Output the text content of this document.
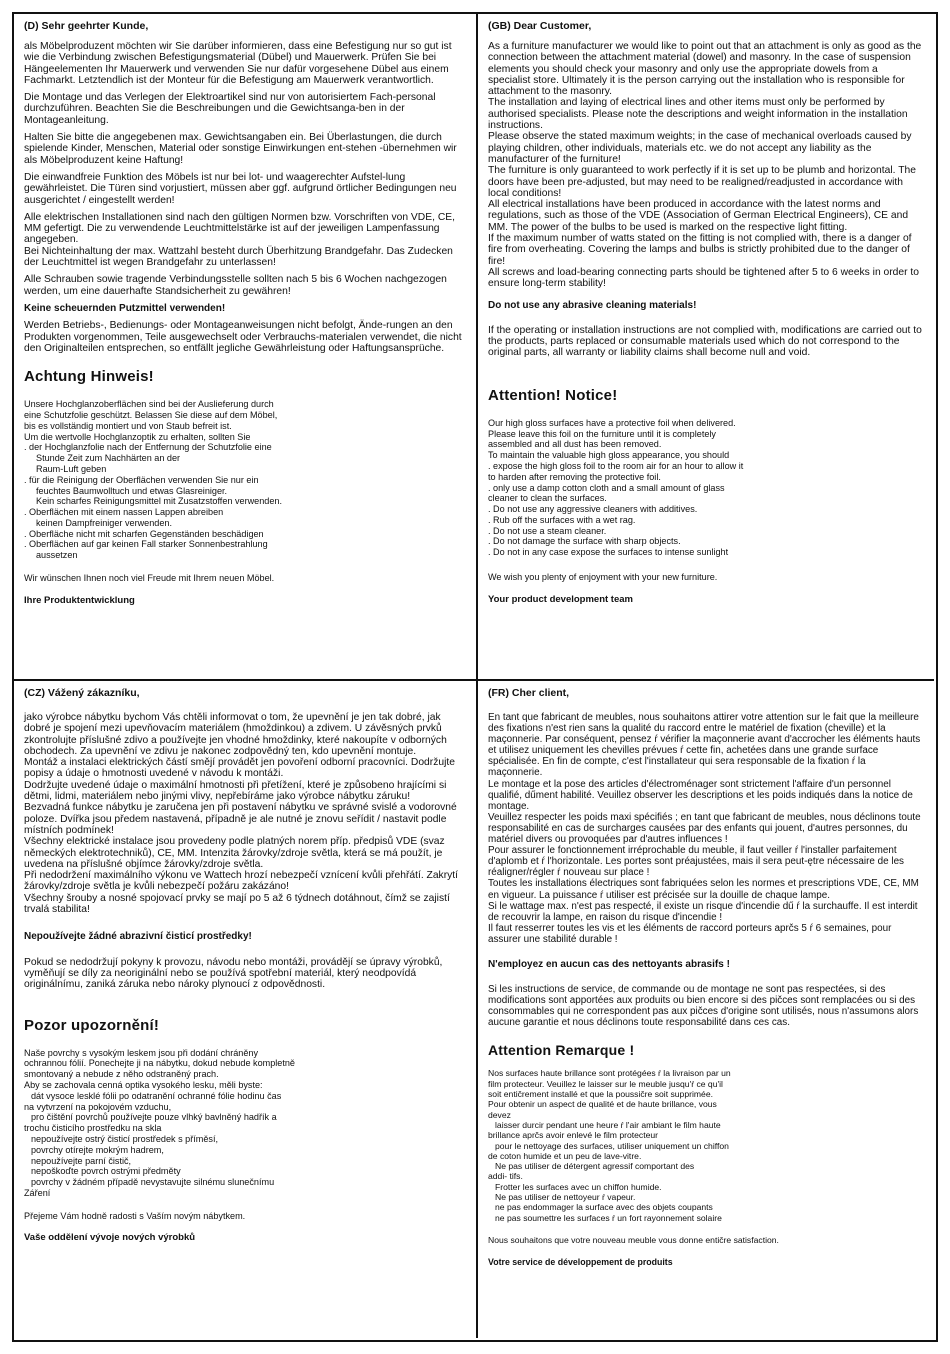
(D) Sehr geehrter Kunde,

als Möbelproduzent möchten wir Sie darüber informieren, dass eine Befestigung nur so gut ist wie die Verbindung zwischen Befestigungsmaterial (Dübel) und Mauerwerk. Prüfen Sie bei Hängeelementen Ihr Mauerwerk und verwenden Sie nur dafür vorgesehene Dübel aus einem Fachmarkt. Letztendlich ist der Monteur für die Befestigung am Mauerwerk verantwortlich.

Die Montage und das Verlegen der Elektroartikel sind nur von autorisiertem Fach-personal durchzuführen. Beachten Sie die Beschreibungen und die Gewichtsanga-ben in der Montageanleitung.

Halten Sie bitte die angegebenen max. Gewichtsangaben ein. Bei Überlastungen, die durch spielende Kinder, Menschen, Material oder sonstige Einwirkungen ent-stehen -übernehmen wir als Möbelproduzent keine Haftung!

Die einwandfreie Funktion des Möbels ist nur bei lot- und waagerechter Aufstel-lung gewährleistet. Die Türen sind vorjustiert, müssen aber ggf. aufgrund örtlicher Bedingungen neu ausgerichtet / eingestellt werden!

Alle elektrischen Installationen sind nach den gültigen Normen bzw. Vorschriften von VDE, CE, MM gefertigt. Die zu verwendende Leuchtmittelstärke ist auf der jeweiligen Lampenfassung angegeben.

Bei Nichteinhaltung der max. Wattzahl besteht durch Überhitzung Brandgefahr. Das Zudecken der Leuchtmittel ist wegen Brandgefahr zu unterlassen!

Alle Schrauben sowie tragende Verbindungsstelle sollten nach 5 bis 6 Wochen nachgezogen werden, um eine dauerhafte Standsicherheit zu gewähren!

Keine scheuernden Putzmittel verwenden!

Werden Betriebs-, Bedienungs- oder Montageanweisungen nicht befolgt, Ände-rungen an den Produkten vorgenommen, Teile ausgewechselt oder Verbrauchs-materialen verwendet, die nicht den Originalteilen entsprechen, so entfällt jegliche Gewährleistung oder Haftungsansprüche.

Achtung Hinweis!
Unsere Hochglanzoberflächen sind bei der Auslieferung durch
eine Schutzfolie geschützt. Belassen Sie diese auf dem Möbel,
bis es vollständig montiert und von Staub befreit ist.
Um die wertvolle Hochglanzoptik zu erhalten, sollten Sie
. der Hochglanzfolie nach der Entfernung der Schutzfolie eine
Stunde Zeit zum Nachhärten an der
Raum-Luft geben
. für die Reinigung der Oberflächen verwenden Sie nur ein
feuchtes Baumwolltuch und etwas Glasreiniger.
Kein scharfes Reinigungsmittel mit Zusatzstoffen verwenden.
. Oberflächen mit einem nassen Lappen abreiben
keinen Dampfreiniger verwenden.
. Oberfläche nicht mit scharfen Gegenständen beschädigen
. Oberflächen auf gar keinen Fall starker Sonnenbestrahlung
aussetzen
Wir wünschen Ihnen noch viel Freude mit Ihrem neuen Möbel.
Ihre Produktentwicklung
(GB) Dear Customer,

As a furniture manufacturer we would like to point out that an attachment is only as good as the connection between the attachment material (dowel) and masonry. In the case of suspension elements you should check your masonry and only use the appropriate dowels from a specialist store. Ultimately it is the person carrying out the installation who is responsible for attachment to the masonry.

The installation and laying of electrical lines and other items must only be performed by authorised specialists. Please note the descriptions and weight information in the installation instructions.

Please observe the stated maximum weights; in the case of mechanical overloads caused by playing children, other individuals, materials etc. we do not accept any liability as the manufacturer of the furniture!

The furniture is only guaranteed to work perfectly if it is set up to be plumb and horizontal. The doors have been pre-adjusted, but may need to be realigned/readjusted in accordance with local conditions!

All electrical installations have been produced in accordance with the latest norms and regulations, such as those of the VDE (Association of German Electrical Engineers), CE and MM. The power of the bulbs to be used is marked on the respective light fitting.

If the maximum number of watts stated on the fitting is not complied with, there is a danger of fire from overheating. Covering the lamps and bulbs is strictly prohibited due to the danger of fire!

All screws and load-bearing connecting parts should be tightened after 5 to 6 weeks in order to ensure long-term stability!

Do not use any abrasive cleaning materials!

If the operating or installation instructions are not complied with, modifications are carried out to the products, parts replaced or consumable materials used which do not correspond to the original parts, all warranty or liability claims shall become null and void.

Attention! Notice!
Our high gloss surfaces have a protective foil when delivered.
Please leave this foil on the furniture until it is completely
assembled and all dust has been removed.
To maintain the valuable high gloss appearance, you should
. expose the high gloss foil to the room air for an hour to allow it
to harden after removing the protective foil.
. only use a damp cotton cloth and a small amount of glass
cleaner to clean the surfaces.
. Do not use any aggressive cleaners with additives.
. Rub off the surfaces with a wet rag.
. Do not use a steam cleaner.
. Do not damage the surface with sharp objects.
. Do not in any case expose the surfaces to intense sunlight
We wish you plenty of enjoyment with your new furniture.
Your product development team
(CZ) Vážený zákazníku,

jako výrobce nábytku bychom Vás chtěli informovat o tom, že upevnění je jen tak dobré, jak dobré je spojení mezi upevňovacím materiálem (hmoždinkou) a zdivem. U závěsných prvků zkontrolujte příslušné zdivo a používejte jen vhodné hmoždinky, které nakoupíte v odborných obchodech. Za upevnění ve zdivu je nakonec zodpovědný ten, kdo upevnění montuje.

Montáž a instalaci elektrických částí smějí provádět jen povoření odborní pracovníci. Dodržujte popisy a údaje o hmotnosti uvedené v návodu k montáži.

Dodržujte uvedené údaje o maximální hmotnosti při přetížení, které je způsobeno hrajícími si dětmi, lidmi, materiálem nebo jinými vlivy, nepřebíráme jako výrobce nábytku záruku!

Bezvadná funkce nábytku je zaručena jen při postavení nábytku ve správné svislé a vodorovné poloze. Dvířka jsou předem nastavená, případně je ale nutné je znovu seřídit / nastavit podle místních podmínek!

Všechny elektrické instalace jsou provedeny podle platných norem příp. předpisů VDE (svaz německých elektrotechniků), CE, MM. Intenzita žárovky/zdroje světla, která se má použít, je uvedena na příslušné objímce žárovky/zdroje světla.

Při nedodržení maximálního výkonu ve Wattech hrozí nebezpečí vznícení kvůli přehřátí. Zakrytí žárovky/zdroje světla je kvůli nebezpečí požáru zakázáno!

Všechny šrouby a nosné spojovací prvky se mají po 5 až 6 týdnech dotáhnout, čímž se zajistí trvalá stabilita!

Nepoužívejte žádné abrazivní čisticí prostředky!

Pokud se nedodržují pokyny k provozu, návodu nebo montáži, provádějí se úpravy výrobků, vyměňují se díly za neoriginální nebo se používá spotřební materiál, který neodpovídá originálnímu, zaniká záruka nebo nároky plynoucí z odpovědnosti.

Pozor upozornění!
Naše povrchy s vysokým leskem jsou při dodání chráněny
ochrannou fólií. Ponechejte ji na nábytku, dokud nebude kompletně
smontovaný a nebude z něho odstraněný prach.
Aby se zachovala cenná optika vysokého lesku, měli byste:
dát vysoce lesklé fólii po odatranění ochranné fólie hodinu čas
na vytvrzení na pokojovém vzduchu,
pro čištění povrchů používejte pouze vlhký bavlněný hadřík a
trochu čisticího prostředku na skla
nepoužívejte ostrý čisticí prostředek s příměsí,
povrchy otírejte mokrým hadrem,
nepoužívejte parní čistič,
nepoškoďte povrch ostrými předměty
povrchy v žádném případě nevystavujte silnému slunečnímu
Záření
Přejeme Vám hodně radosti s Vaším novým nábytkem.
Vaše oddělení vývoje nových výrobků
(FR) Cher client,

En tant que fabricant de meubles, nous souhaitons attirer votre attention sur le fait que la meilleure des fixations n'est rien sans la qualité du raccord entre le matériel de fixation (cheville) et la maçonnerie. Par conséquent, pensez ŕ vérifier la maçonnerie avant d'accrocher les éléments hauts et utilisez uniquement les chevilles prévues ŕ cette fin, achetées dans une grande surface spécialisée. En fin de compte, c'est l'installateur qui sera responsable de la fixation ŕ la maçonnerie.

Le montage et la pose des articles d'électroménager sont strictement l'affaire d'un personnel qualifié, dűment habilité. Veuillez observer les descriptions et les poids indiqués dans la notice de montage.

Veuillez respecter les poids maxi spécifiés ; en tant que fabricant de meubles, nous déclinons toute responsabilité en cas de surcharges causées par des enfants qui jouent, d'autres personnes, du matériel divers ou provoquées par d'autres influences !

Pour assurer le fonctionnement irréprochable du meuble, il faut veiller ŕ l'installer parfaitement d'aplomb et ŕ l'horizontale. Les portes sont préajustées, mais il sera peut-ętre nécessaire de les réaligner/régler ŕ nouveau sur place !

Toutes les installations électriques sont fabriquées selon les normes et prescriptions VDE, CE, MM en vigueur. La puissance ŕ utiliser est précisée sur la douille de chaque lampe.

Si le wattage max. n'est pas respecté, il existe un risque d'incendie dű ŕ la surchauffe. Il est interdit de recouvrir la lampe, en raison du risque d'incendie !

Il faut resserrer toutes les vis et les éléments de raccord porteurs aprčs 5 ŕ 6 semaines, pour assurer une stabilité durable !

N'employez en aucun cas des nettoyants abrasifs !

Si les instructions de service, de commande ou de montage ne sont pas respectées, si des modifications sont apportées aux produits ou bien encore si des pičces sont remplacées ou si des consommables qui ne correspondent pas aux pičces d'origine sont utilisés, nous n'assumons alors aucune garantie et nous déclinons toute responsabilité dans ces cas.

Attention Remarque !
Nos surfaces haute brillance sont protégées ŕ la livraison par un
film protecteur. Veuillez le laisser sur le meuble jusqu'ŕ ce qu'il
soit entičrement installé et que la poussičre soit supprimée.
Pour obtenir un aspect de qualité et de haute brillance, vous
devez
laisser durcir pendant une heure ŕ l'air ambiant le film haute
brillance aprčs avoir enlevé le film protecteur
pour le nettoyage des surfaces, utiliser uniquement un chiffon
de coton humide et un peu de lave-vitre.
Ne pas utiliser de détergent agressif comportant des
addi- tifs.
Frotter les surfaces avec un chiffon humide.
Ne pas utiliser de nettoyeur ŕ vapeur.
ne pas endommager la surface avec des objets coupants
ne pas soumettre les surfaces ŕ un fort rayonnement solaire
Nous souhaitons que votre nouveau meuble vous donne entičre satisfaction.
Votre service de développement de produits
